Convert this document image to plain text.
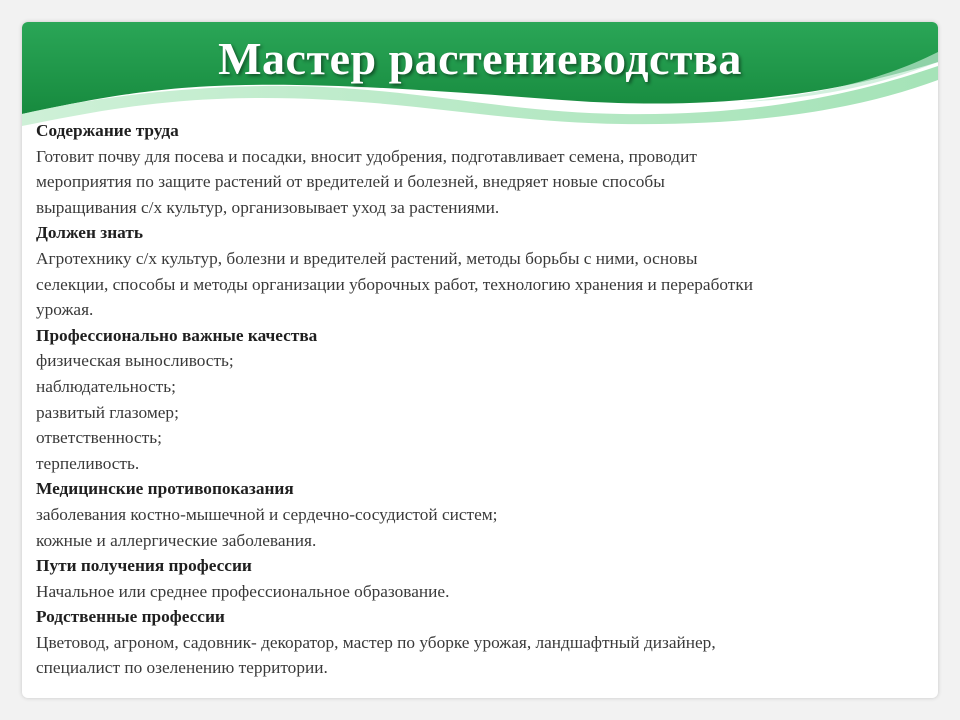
Мастер растениеводства
Содержание труда
Готовит почву для посева и посадки, вносит удобрения, подготавливает семена, проводит
мероприятия по защите растений от вредителей и болезней, внедряет новые способы
выращивания с/х культур, организовывает уход за растениями.
Должен знать
Агротехнику с/х культур, болезни и вредителей растений, методы борьбы с ними, основы
селекции, способы и методы организации уборочных работ, технологию хранения и переработки
урожая.
Профессионально важные качества
физическая выносливость;
наблюдательность;
развитый глазомер;
ответственность;
терпеливость.
Медицинские противопоказания
заболевания костно-мышечной и сердечно-сосудистой систем;
кожные и аллергические заболевания.
Пути получения профессии
Начальное или среднее профессиональное образование.
Родственные профессии
Цветовод, агроном, садовник- декоратор, мастер по уборке урожая, ландшафтный дизайнер,
специалист по озеленению территории.
